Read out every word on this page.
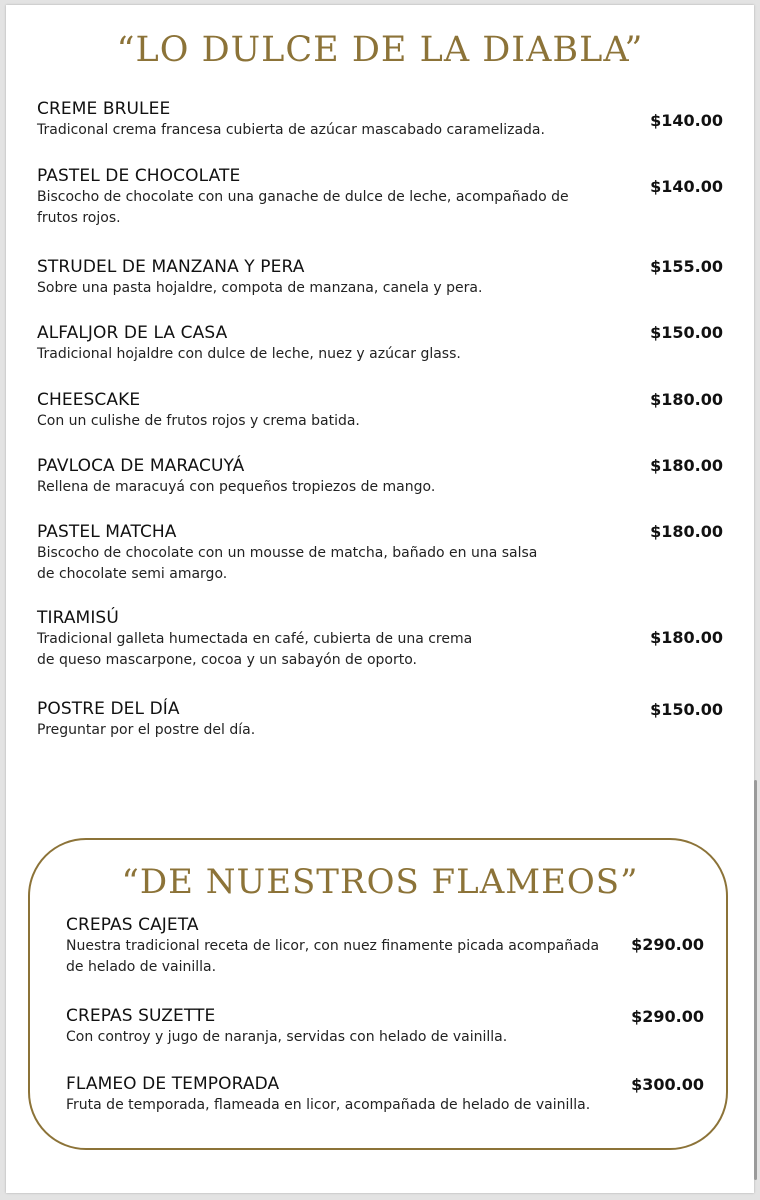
“LO DULCE DE LA DIABLA”
CREME BRULEE
Tradiconal crema francesa cubierta de azúcar mascabado caramelizada.	$140.00
PASTEL DE CHOCOLATE
Biscocho de chocolate con una ganache de dulce de leche, acompañado de frutos rojos.
$140.00
STRUDEL DE MANZANA Y PERA
Sobre una pasta hojaldre, compota de manzana, canela y pera.
$155.00
ALFALJOR DE LA CASA
Tradicional hojaldre con dulce de leche, nuez y azúcar glass.
$150.00
CHEESCAKE
Con un culishe de frutos rojos y crema batida.
$180.00
PAVLOCA DE MARACUYÁ
Rellena de maracuyá con pequeños tropiezos de mango.
$180.00
PASTEL MATCHA
Biscocho de chocolate con un mousse de matcha, bañado en una salsa de chocolate semi amargo.
$180.00
TIRAMISÚ
Tradicional galleta humectada en café, cubierta de una crema de queso mascarpone, cocoa y un sabayón de oporto.
$180.00
POSTRE DEL DÍA
Preguntar por el postre del día.
$150.00
“DE NUESTROS FLAMEOS”
CREPAS CAJETA
Nuestra tradicional receta de licor, con nuez finamente picada acompañada de helado de vainilla.
$290.00
CREPAS SUZETTE
Con controy y jugo de naranja, servidas con helado de vainilla.
$290.00
FLAMEO DE TEMPORADA
Fruta de temporada, flameada en licor, acompañada de helado de vainilla.
$300.00
